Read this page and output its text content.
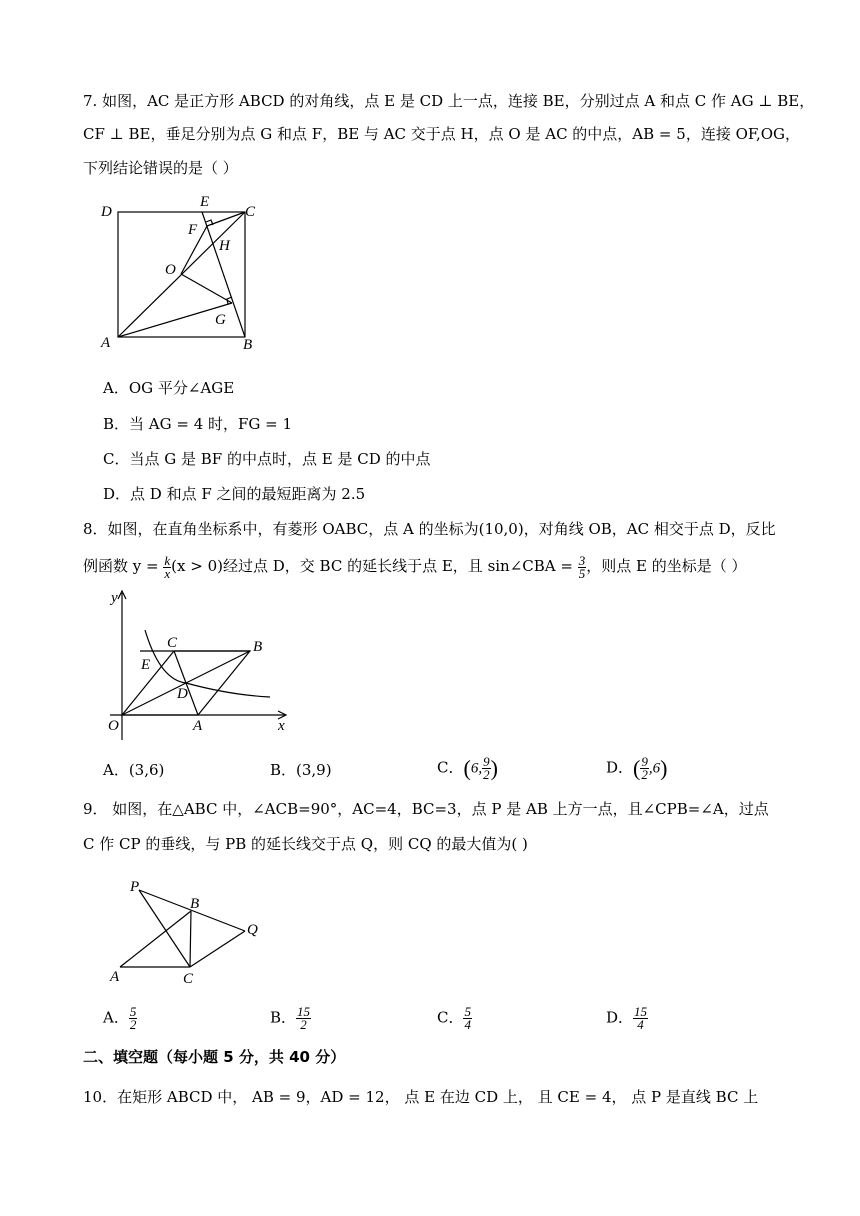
7. 如图，AC 是正方形 ABCD 的对角线，点 E 是 CD 上一点，连接 BE，分别过点 A 和点 C 作 AG ⊥ BE，
CF ⊥ BE，垂足分别为点 G 和点 F，BE 与 AC 交于点 H，点 O 是 AC 的中点，AB = 5，连接 OF,OG，
下列结论错误的是（ ）
D
E
C
F
H
O
G
A	B
A．OG 平分∠AGE
B．当 AG = 4 时，FG = 1
C．当点 G 是 BF 的中点时，点 E 是 CD 的中点
D．点 D 和点 F 之间的最短距离为 2.5
8．如图，在直角坐标系中，有菱形 OABC，点 A 的坐标为(10,0)，对角线 OB，AC 相交于点 D，反比
例函数 $y = \frac{k}{x} (x > 0)$经过点 D，交 BC 的延长线于点 E，且 sin∠CBA = $\frac{3}{5}$ ，则点 E 的坐标是（ ）
y
C	B
E
D
O	A	x
A．(3,6)	B．(3,9)	C．(6, $\frac{9}{2}$ )	D．( $\frac{9}{2} ,6$)
9． 如图，在△ABC 中，∠ACB=90°，AC=4，BC=3，点 P 是 AB 上方一点，且∠CPB=∠A，过点
C 作 CP 的垂线，与 PB 的延长线交于点 Q，则 CQ 的最大值为( )
P
B
Q
A	C
A． $\frac{5}{2}$	B． $\frac{15}{2}$	C． $\frac{5}{4}$	D． $\frac{15}{4}$
二、填空题（每小题 5 分，共 40 分）
10．在矩形 ABCD 中， AB = 9，AD = 12， 点 E 在边 CD 上， 且 CE = 4， 点 P 是直线 BC 上
